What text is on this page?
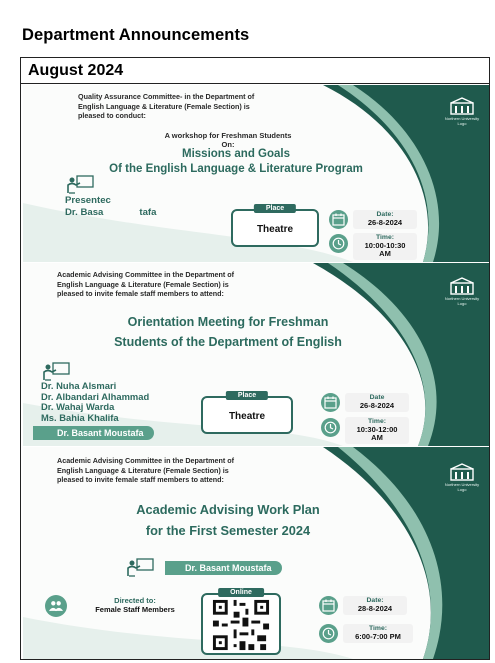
Department Announcements
August 2024
Northern University Logo
Quality Assurance Committee- in the Department of
English Language & Literature (Female Section) is
pleased to conduct:
A workshop for Freshman Students
On:
Missions and Goals
Of the English Language & Literature Program
Presentec
Dr. Basa	tafa	Place
Theatre
Date:
26-8-2024
Time:
10:00-10:30
AM
Northern University Logo
Academic Advising Committee in the Department of
English Language & Literature (Female Section) is
pleased to invite female staff members to attend:
Orientation Meeting for Freshman
Students of the Department of English
Dr. Nuha Alsmari
Dr. Albandari Alhammad
Dr. Wahaj Warda
Ms. Bahia Khalifa
Dr. Basant Moustafa
Place
Theatre
Date
26-8-2024
Time:
10:30-12:00
AM
Northern University Logo
Academic Advising Committee in the Department of
English Language & Literature (Female Section) is
pleased to invite female staff members to attend:
Academic Advising Work Plan
for the First Semester 2024
Dr. Basant Moustafa
Directed to:
Female Staff Members
Online
Date:
28-8-2024
Time:
6:00-7:00 PM
